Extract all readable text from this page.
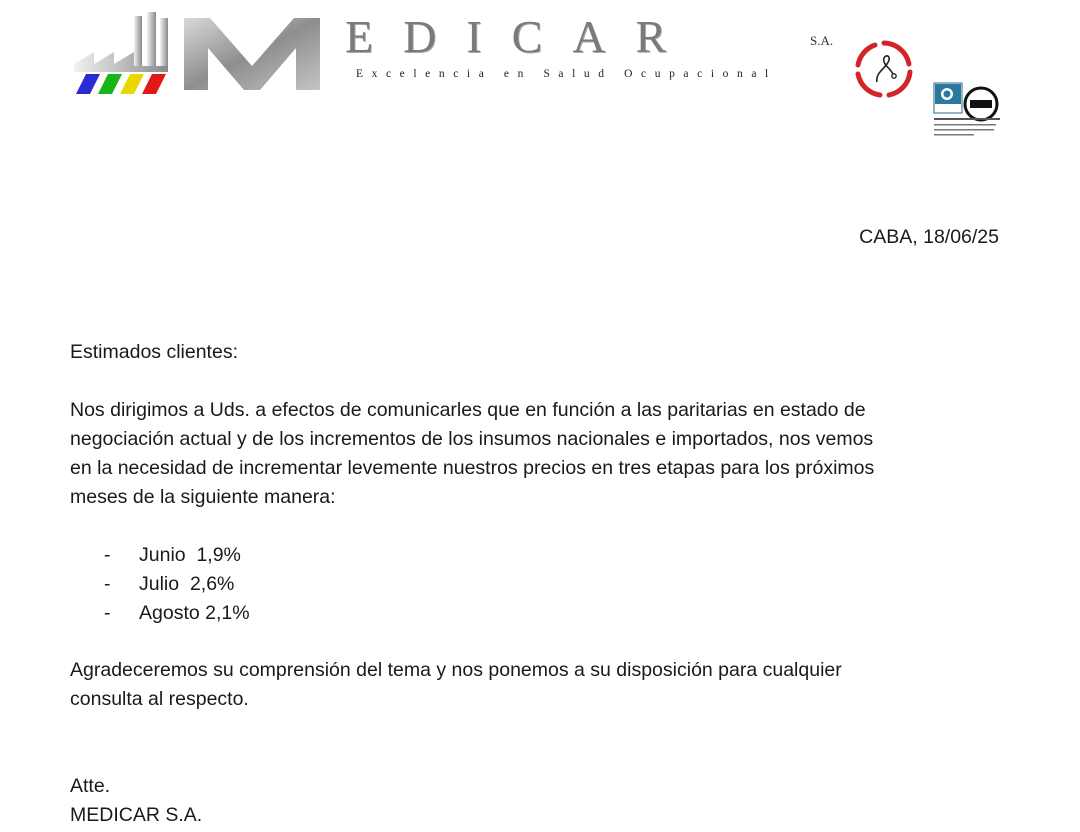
EDICAR	S.A.
Excelencia en Salud Ocupacional
CABA, 18/06/25
Estimados clientes:
Nos dirigimos a Uds. a efectos de comunicarles que en función a las paritarias en estado de
negociación actual y de los incrementos de los insumos nacionales e importados, nos vemos
en la necesidad de incrementar levemente nuestros precios en tres etapas para los próximos
meses de la siguiente manera:
-	Junio  1,9%
-	Julio  2,6%
-	Agosto 2,1%
Agradeceremos su comprensión del tema y nos ponemos a su disposición para cualquier
consulta al respecto.
Atte.
MEDICAR S.A.
